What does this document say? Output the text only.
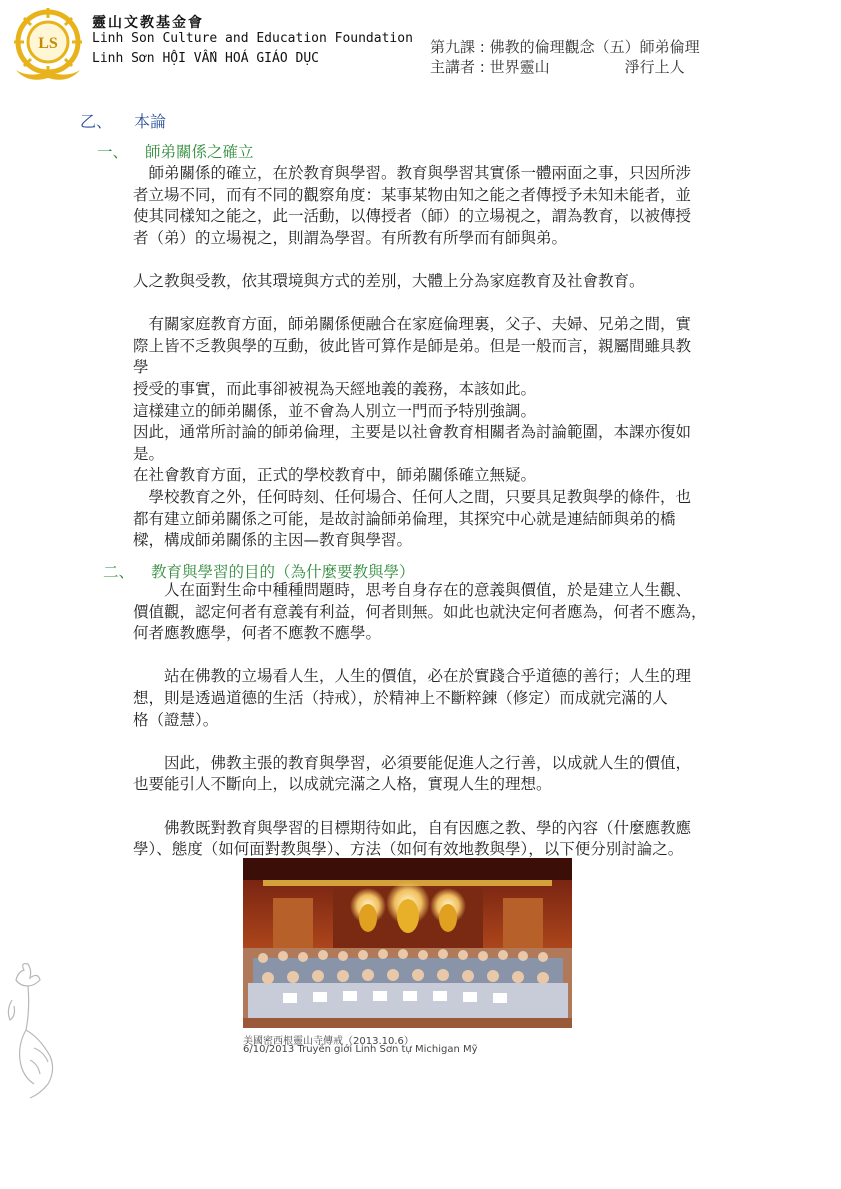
LS
靈山文教基金會
Linh Son Culture and Education Foundation
Linh Sơn HỘI VẤN HOÁ GIÁO DỤC
第九課 : 佛教的倫理觀念（五）師弟倫理
主講者 : 世界靈山　　　　　淨行上人
乙、 本論
一、 師弟關係之確立

　師弟關係的確立，在於教育與學習。教育與學習其實係一體兩面之事，只因所涉

者立場不同，而有不同的觀察角度：某事某物由知之能之者傳授予未知未能者，並

使其同樣知之能之，此一活動，以傳授者（師）的立場視之，謂為教育，以被傳授

者（弟）的立場視之，則謂為學習。有所教有所學而有師與弟。

人之教與受教，依其環境與方式的差別，大體上分為家庭教育及社會教育。

　有關家庭教育方面，師弟關係便融合在家庭倫理裏，父子、夫婦、兄弟之間，實

際上皆不乏教與學的互動，彼此皆可算作是師是弟。但是一般而言，親屬間雖具教

學

授受的事實，而此事卻被視為天經地義的義務，本該如此。

這樣建立的師弟關係，並不會為人別立一門而予特別強調。

因此，通常所討論的師弟倫理，主要是以社會教育相關者為討論範圍，本課亦復如

是。

在社會教育方面，正式的學校教育中，師弟關係確立無疑。

　學校教育之外，任何時刻、任何場合、任何人之間，只要具足教與學的條件，也

都有建立師弟關係之可能，是故討論師弟倫理，其探究中心就是連結師與弟的橋

樑，構成師弟關係的主因—教育與學習。

二、 教育與學習的目的（為什麼要教與學）

　　人在面對生命中種種問題時，思考自身存在的意義與價值，於是建立人生觀、

價值觀，認定何者有意義有利益，何者則無。如此也就決定何者應為，何者不應為，

何者應教應學，何者不應教不應學。

　　站在佛教的立場看人生，人生的價值，必在於實踐合乎道德的善行；人生的理

想，則是透過道德的生活（持戒），於精神上不斷粹鍊（修定）而成就完滿的人

格（證慧）。

　　因此，佛教主張的教育與學習，必須要能促進人之行善，以成就人生的價值，

也要能引人不斷向上，以成就完滿之人格，實現人生的理想。

　　佛教既對教育與學習的目標期待如此，自有因應之教、學的內容（什麼應教應

學）、態度（如何面對教與學）、方法（如何有效地教與學），以下便分別討論之。

美國密西根靈山寺傳戒（2013.10.6）
6/10/2013 Truyền giới Linh Sơn tự Michigan Mỹ
